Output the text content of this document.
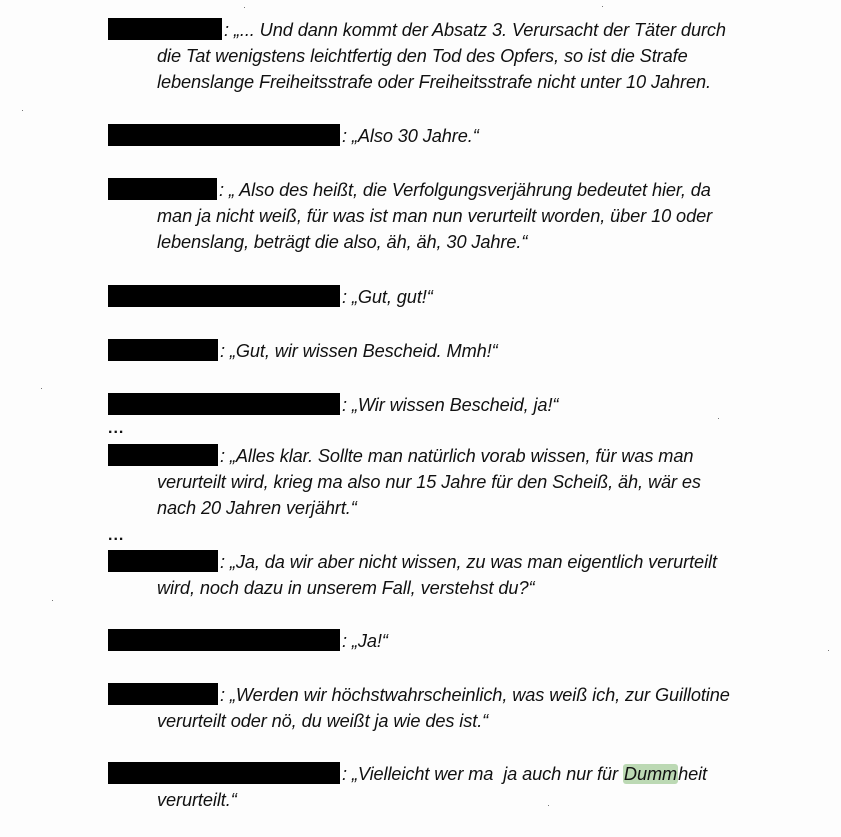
: „... Und dann kommt der Absatz 3. Verursacht der Täter durch
die Tat wenigstens leichtfertig den Tod des Opfers, so ist die Strafe
lebenslange Freiheitsstrafe oder Freiheitsstrafe nicht unter 10 Jahren.
: „Also 30 Jahre.“
: „ Also des heißt, die Verfolgungsverjährung bedeutet hier, da
man ja nicht weiß, für was ist man nun verurteilt worden, über 10 oder
lebenslang, beträgt die also, äh, äh, 30 Jahre.“
: „Gut, gut!“
: „Gut, wir wissen Bescheid. Mmh!“
: „Wir wissen Bescheid, ja!“
...
: „Alles klar. Sollte man natürlich vorab wissen, für was man
verurteilt wird, krieg ma also nur 15 Jahre für den Scheiß, äh, wär es
nach 20 Jahren verjährt.“
...
: „Ja, da wir aber nicht wissen, zu was man eigentlich verurteilt
wird, noch dazu in unserem Fall, verstehst du?“
: „Ja!“
: „Werden wir höchstwahrscheinlich, was weiß ich, zur Guillotine
verurteilt oder nö, du weißt ja wie des ist.“
: „Vielleicht wer ma  ja auch nur für Dummheit
verurteilt.“
